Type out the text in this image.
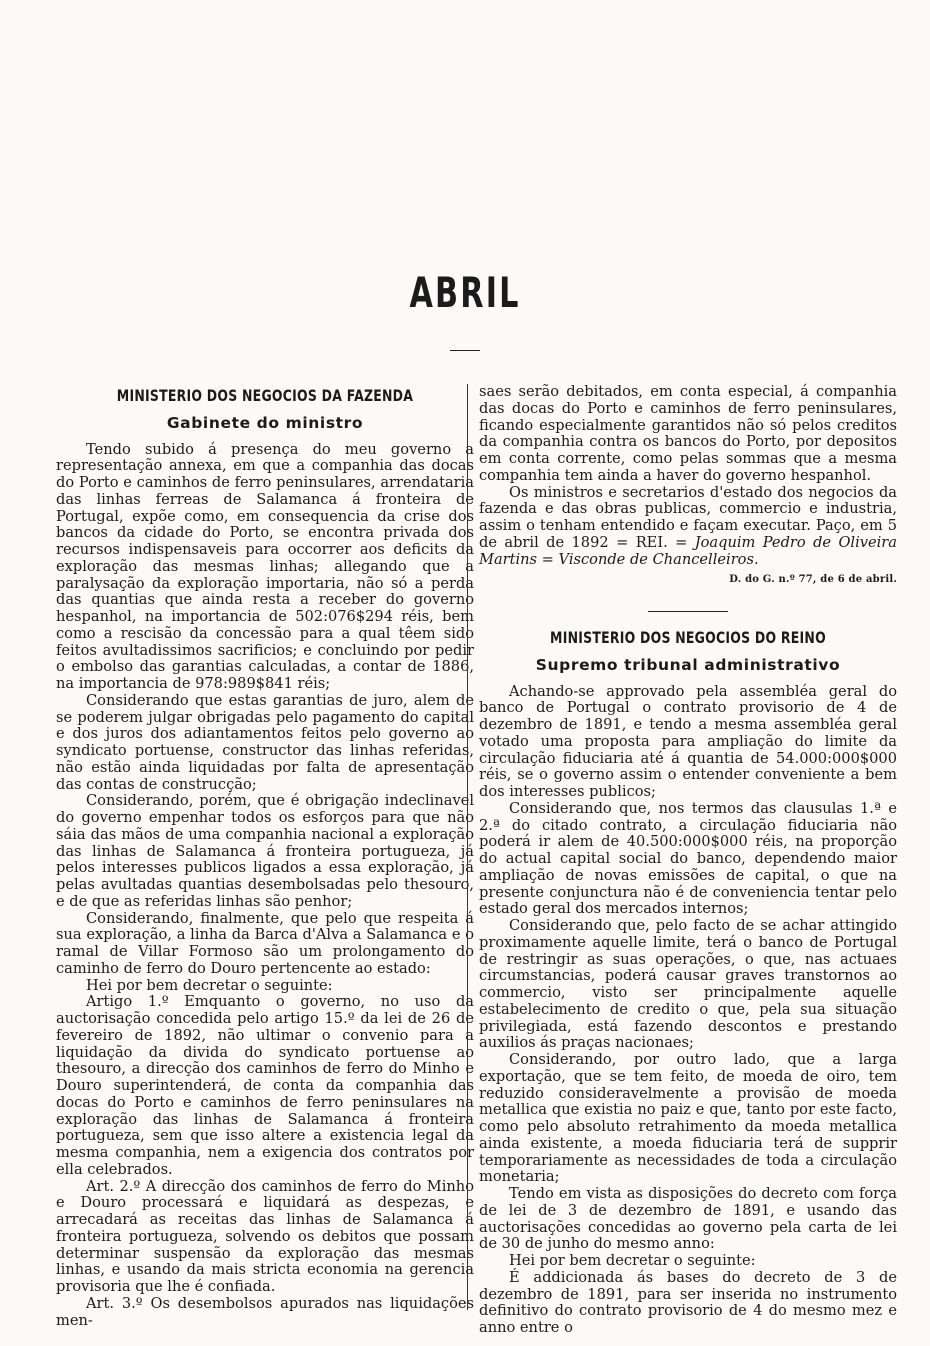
ABRIL
MINISTERIO DOS NEGOCIOS DA FAZENDA
Gabinete do ministro

Tendo subido á presença do meu governo a representação annexa, em que a companhia das docas do Porto e caminhos de ferro peninsulares, arrendataria das linhas ferreas de Salamanca á fronteira de Portugal, expõe como, em consequencia da crise dos bancos da cidade do Porto, se encontra privada dos recursos indispensaveis para occorrer aos deficits da exploração das mesmas linhas; allegando que a paralysação da exploração importaria, não só a perda das quantias que ainda resta a receber do governo hespanhol, na importancia de 502:076$294 réis, bem como a rescisão da concessão para a qual têem sido feitos avultadissimos sacrificios; e concluindo por pedir o embolso das garantias calculadas, a contar de 1886, na importancia de 978:989$841 réis;

Considerando que estas garantias de juro, alem de se poderem julgar obrigadas pelo pagamento do capital e dos juros dos adiantamentos feitos pelo governo ao syndicato portuense, constructor das linhas referidas, não estão ainda liquidadas por falta de apresentação das contas de construcção;

Considerando, porém, que é obrigação indeclinavel do governo empenhar todos os esforços para que não sáia das mãos de uma companhia nacional a exploração das linhas de Salamanca á fronteira portugueza, já pelos interesses publicos ligados a essa exploração, já pelas avultadas quantias desembolsadas pelo thesouro, e de que as referidas linhas são penhor;

Considerando, finalmente, que pelo que respeita á sua exploração, a linha da Barca d'Alva a Salamanca e o ramal de Villar Formoso são um prolongamento do caminho de ferro do Douro pertencente ao estado:

Hei por bem decretar o seguinte:

Artigo 1.º Emquanto o governo, no uso da auctorisação concedida pelo artigo 15.º da lei de 26 de fevereiro de 1892, não ultimar o convenio para a liquidação da divida do syndicato portuense ao thesouro, a direcção dos caminhos de ferro do Minho e Douro superintenderá, de conta da companhia das docas do Porto e caminhos de ferro peninsulares na exploração das linhas de Salamanca á fronteira portugueza, sem que isso altere a existencia legal da mesma companhia, nem a exigencia dos contratos por ella celebrados.

Art. 2.º A direcção dos caminhos de ferro do Minho e Douro processará e liquidará as despezas, e arrecadará as receitas das linhas de Salamanca á fronteira portugueza, solvendo os debitos que possam determinar suspensão da exploração das mesmas linhas, e usando da mais stricta economia na gerencia provisoria que lhe é confiada.

Art. 3.º Os desembolsos apurados nas liquidações men-

saes serão debitados, em conta especial, á companhia das docas do Porto e caminhos de ferro peninsulares, ficando especialmente garantidos não só pelos creditos da companhia contra os bancos do Porto, por depositos em conta corrente, como pelas sommas que a mesma companhia tem ainda a haver do governo hespanhol.

Os ministros e secretarios d'estado dos negocios da fazenda e das obras publicas, commercio e industria, assim o tenham entendido e façam executar. Paço, em 5 de abril de 1892 = REI. = Joaquim Pedro de Oliveira Martins = Visconde de Chancelleiros.
D. do G. n.º 77, de 6 de abril.

MINISTERIO DOS NEGOCIOS DO REINO
Supremo tribunal administrativo

Achando-se approvado pela assembléa geral do banco de Portugal o contrato provisorio de 4 de dezembro de 1891, e tendo a mesma assembléa geral votado uma proposta para ampliação do limite da circulação fiduciaria até á quantia de 54.000:000$000 réis, se o governo assim o entender conveniente a bem dos interesses publicos;

Considerando que, nos termos das clausulas 1.ª e 2.ª do citado contrato, a circulação fiduciaria não poderá ir alem de 40.500:000$000 réis, na proporção do actual capital social do banco, dependendo maior ampliação de novas emissões de capital, o que na presente conjunctura não é de conveniencia tentar pelo estado geral dos mercados internos;

Considerando que, pelo facto de se achar attingido proximamente aquelle limite, terá o banco de Portugal de restringir as suas operações, o que, nas actuaes circumstancias, poderá causar graves transtornos ao commercio, visto ser principalmente aquelle estabelecimento de credito o que, pela sua situação privilegiada, está fazendo descontos e prestando auxilios ás praças nacionaes;

Considerando, por outro lado, que a larga exportação, que se tem feito, de moeda de oiro, tem reduzido consideravelmente a provisão de moeda metallica que existia no paiz e que, tanto por este facto, como pelo absoluto retrahimento da moeda metallica ainda existente, a moeda fiduciaria terá de supprir temporariamente as necessidades de toda a circulação monetaria;

Tendo em vista as disposições do decreto com força de lei de 3 de dezembro de 1891, e usando das auctorisações concedidas ao governo pela carta de lei de 30 de junho do mesmo anno:

Hei por bem decretar o seguinte:

É addicionada ás bases do decreto de 3 de dezembro de 1891, para ser inserida no instrumento definitivo do contrato provisorio de 4 do mesmo mez e anno entre o
